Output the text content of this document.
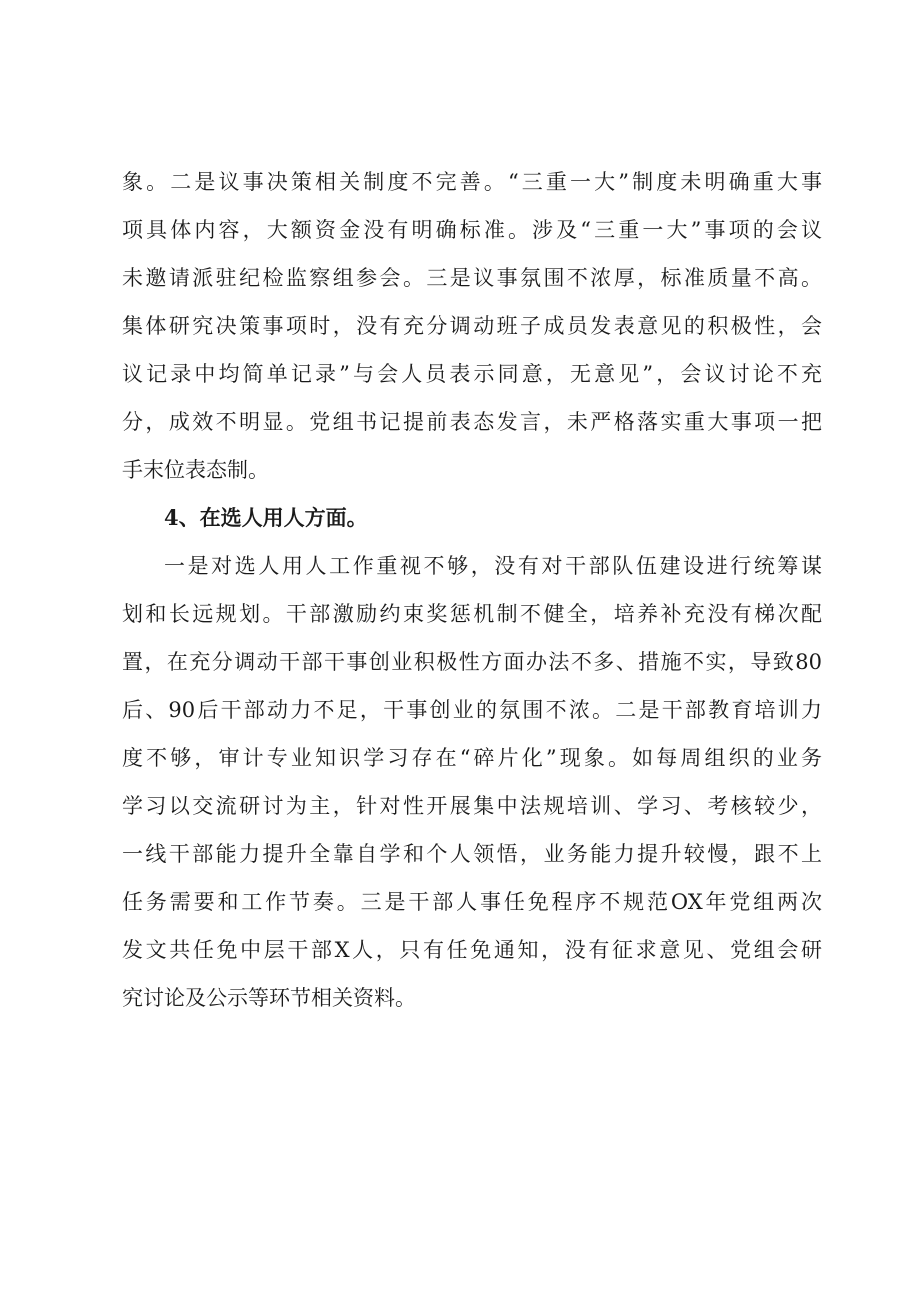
象。二是议事决策相关制度不完善。“三重一大”制度未明确重大事
项具体内容，大额资金没有明确标准。涉及“三重一大”事项的会议
未邀请派驻纪检监察组参会。三是议事氛围不浓厚，标准质量不高。
集体研究决策事项时，没有充分调动班子成员发表意见的积极性，会
议记录中均简单记录”与会人员表示同意，无意见”，会议讨论不充
分，成效不明显。党组书记提前表态发言，未严格落实重大事项一把
手末位表态制。
4、在选人用人方面。
一是对选人用人工作重视不够，没有对干部队伍建设进行统筹谋
划和长远规划。干部激励约束奖惩机制不健全，培养补充没有梯次配
置，在充分调动干部干事创业积极性方面办法不多、措施不实，导致80
后、90后干部动力不足，干事创业的氛围不浓。二是干部教育培训力
度不够，审计专业知识学习存在“碎片化”现象。如每周组织的业务
学习以交流研讨为主，针对性开展集中法规培训、学习、考核较少，
一线干部能力提升全靠自学和个人领悟，业务能力提升较慢，跟不上
任务需要和工作节奏。三是干部人事任免程序不规范OX年党组两次
发文共任免中层干部X人，只有任免通知，没有征求意见、党组会研
究讨论及公示等环节相关资料。
